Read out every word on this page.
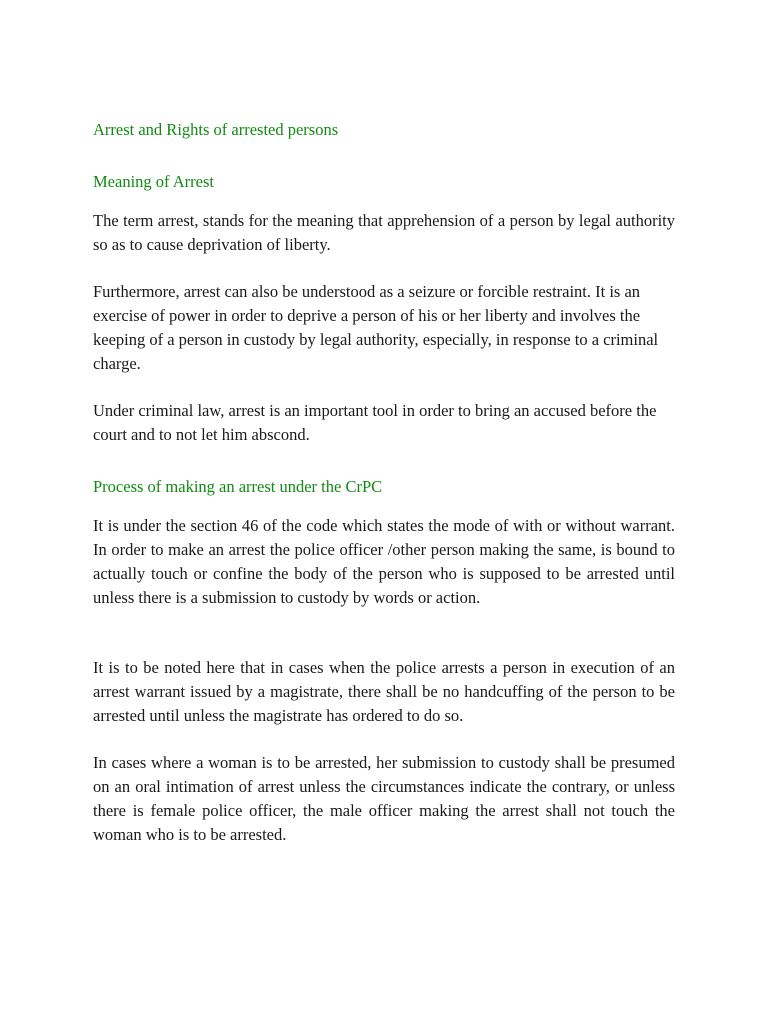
Arrest and Rights of arrested persons
Meaning of Arrest

The term arrest, stands for the meaning that apprehension of a person by legal authority so as to cause deprivation of liberty.

Furthermore, arrest can also be understood as a seizure or forcible restraint. It is an exercise of power in order to deprive a person of his or her liberty and involves the keeping of a person in custody by legal authority, especially, in response to a criminal charge.

Under criminal law, arrest is an important tool in order to bring an accused before the court and to not let him abscond.

Process of making an arrest under the CrPC

It is under the section 46 of the code which states the mode of with or without warrant. In order to make an arrest the police officer /other person making the same, is bound to actually touch or confine the body of the person who is supposed to be arrested until unless there is a submission to custody by words or action.

It is to be noted here that in cases when the police arrests a person in execution of an arrest warrant issued by a magistrate, there shall be no handcuffing of the person to be arrested until unless the magistrate has ordered to do so.

In cases where a woman is to be arrested, her submission to custody shall be presumed on an oral intimation of arrest unless the circumstances indicate the contrary, or unless there is female police officer, the male officer making the arrest shall not touch the woman who is to be arrested.
